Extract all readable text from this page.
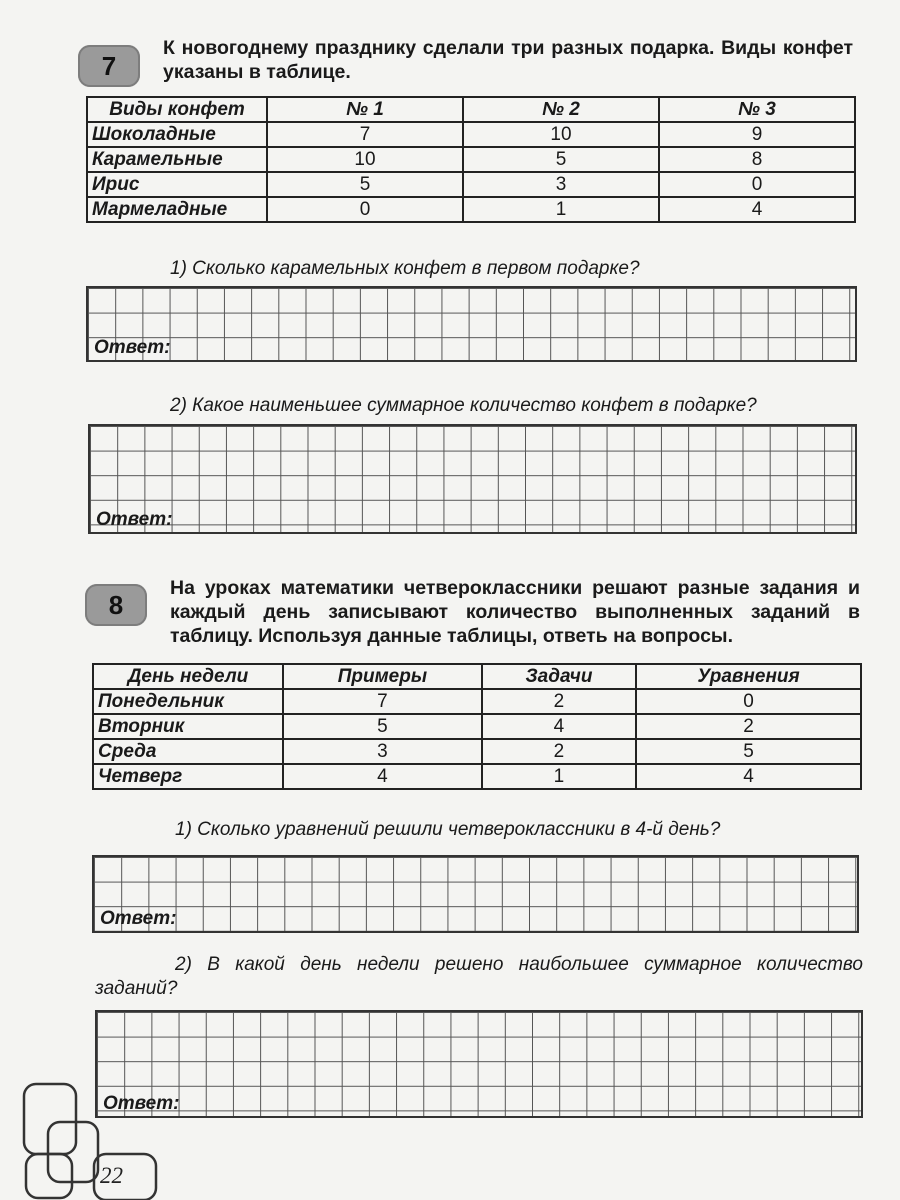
7
К новогоднему празднику сделали три разных подарка. Виды конфет указаны в таблице.
Виды конфет	№ 1	№ 2	№ 3
Шоколадные	7	10	9
Карамельные	10	5	8
Ирис	5	3	0
Мармеладные	0	1	4
1) Сколько карамельных конфет в первом подарке?
Ответ:
2) Какое наименьшее суммарное количество конфет в подарке?
Ответ:
8
На уроках математики четвероклассники решают разные задания и каждый день записывают количество выполненных заданий в таблицу. Используя данные таблицы, ответь на вопросы.
День недели	Примеры	Задачи	Уравнения
Понедельник	7	2	0
Вторник	5	4	2
Среда	3	2	5
Четверг	4	1	4
1) Сколько уравнений решили четвероклассники в 4-й день?
Ответ:
2) В какой день недели решено наибольшее суммарное количество заданий?
Ответ:
22
